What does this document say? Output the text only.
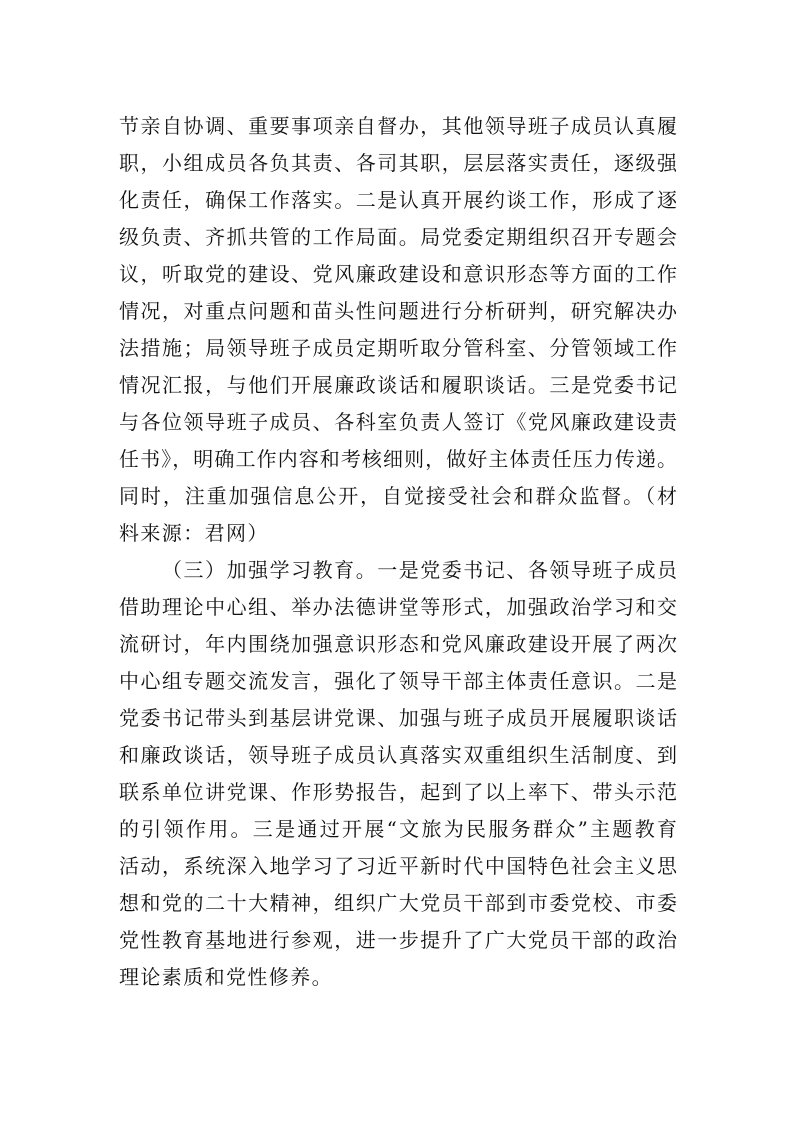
节亲自协调、重要事项亲自督办，其他领导班子成员认真履
职，小组成员各负其责、各司其职，层层落实责任，逐级强
化责任，确保工作落实。二是认真开展约谈工作，形成了逐
级负责、齐抓共管的工作局面。局党委定期组织召开专题会
议，听取党的建设、党风廉政建设和意识形态等方面的工作
情况，对重点问题和苗头性问题进行分析研判，研究解决办
法措施；局领导班子成员定期听取分管科室、分管领域工作
情况汇报，与他们开展廉政谈话和履职谈话。三是党委书记
与各位领导班子成员、各科室负责人签订《党风廉政建设责
任书》，明确工作内容和考核细则，做好主体责任压力传递。
同时，注重加强信息公开，自觉接受社会和群众监督。（材
料来源：君网）
（三）加强学习教育。一是党委书记、各领导班子成员
借助理论中心组、举办法德讲堂等形式，加强政治学习和交
流研讨，年内围绕加强意识形态和党风廉政建设开展了两次
中心组专题交流发言，强化了领导干部主体责任意识。二是
党委书记带头到基层讲党课、加强与班子成员开展履职谈话
和廉政谈话，领导班子成员认真落实双重组织生活制度、到
联系单位讲党课、作形势报告，起到了以上率下、带头示范
的引领作用。三是通过开展“文旅为民服务群众”主题教育
活动，系统深入地学习了习近平新时代中国特色社会主义思
想和党的二十大精神，组织广大党员干部到市委党校、市委
党性教育基地进行参观，进一步提升了广大党员干部的政治
理论素质和党性修养。
